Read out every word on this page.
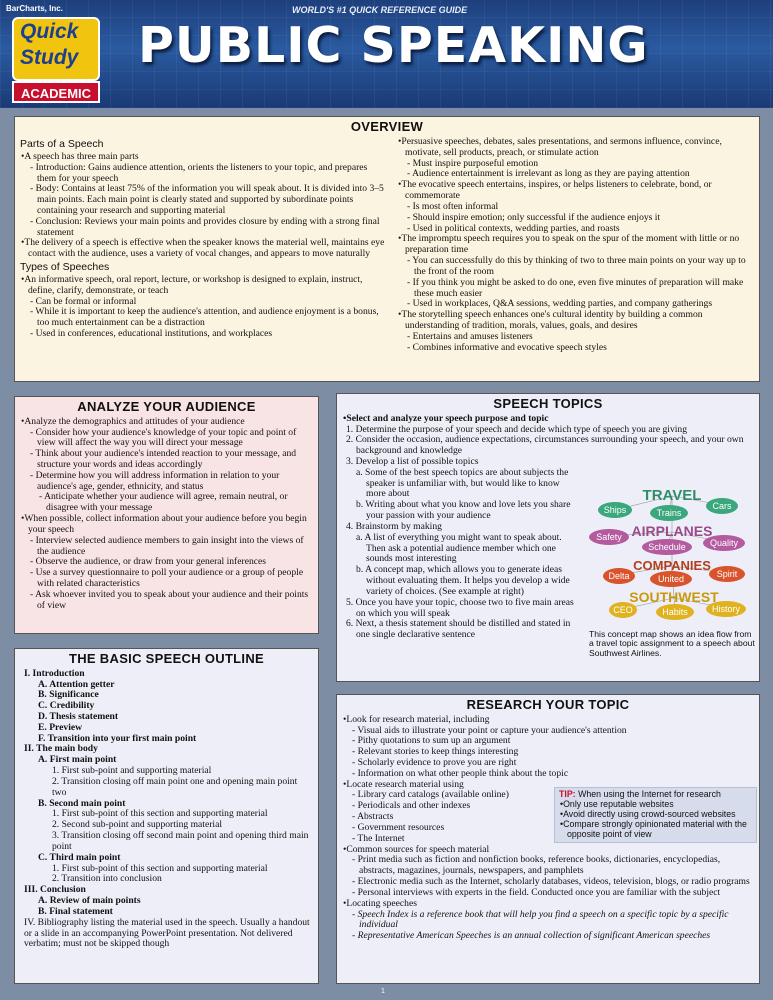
BarCharts, Inc.	WORLD'S #1 QUICK REFERENCE GUIDE
Quick
Study
ACADEMIC
PUBLIC SPEAKING
OVERVIEW
Parts of a Speech
• A speech has three main parts
- Introduction: Gains audience attention, orients the listeners to your topic, and prepares them for your speech
- Body: Contains at least 75% of the information you will speak about. It is divided into 3–5 main points. Each main point is clearly stated and supported by subordinate points containing your research and supporting material
- Conclusion: Reviews your main points and provides closure by ending with a strong final statement
• The delivery of a speech is effective when the speaker knows the material well, maintains eye contact with the audience, uses a variety of vocal changes, and appears to move naturally
Types of Speeches
• An informative speech, oral report, lecture, or workshop is designed to explain, instruct, define, clarify, demonstrate, or teach
- Can be formal or informal
- While it is important to keep the audience's attention, and audience enjoyment is a bonus, too much entertainment can be a distraction
- Used in conferences, educational institutions, and workplaces
• Persuasive speeches, debates, sales presentations, and sermons influence, convince, motivate, sell products, preach, or stimulate action
- Must inspire purposeful emotion
- Audience entertainment is irrelevant as long as they are paying attention
• The evocative speech entertains, inspires, or helps listeners to celebrate, bond, or commemorate
- Is most often informal
- Should inspire emotion; only successful if the audience enjoys it
- Used in political contexts, wedding parties, and roasts
• The impromptu speech requires you to speak on the spur of the moment with little or no preparation time
- You can successfully do this by thinking of two to three main points on your way up to the front of the room
- If you think you might be asked to do one, even five minutes of preparation will make these much easier
- Used in workplaces, Q&A sessions, wedding parties, and company gatherings
• The storytelling speech enhances one's cultural identity by building a common understanding of tradition, morals, values, goals, and desires
- Entertains and amuses listeners
- Combines informative and evocative speech styles
ANALYZE YOUR AUDIENCE
• Analyze the demographics and attitudes of your audience
- Consider how your audience's knowledge of your topic and point of view will affect the way you will direct your message
- Think about your audience's intended reaction to your message, and structure your words and ideas accordingly
- Determine how you will address information in relation to your audience's age, gender, ethnicity, and status
- Anticipate whether your audience will agree, remain neutral, or disagree with your message
• When possible, collect information about your audience before you begin your speech
- Interview selected audience members to gain insight into the views of the audience
- Observe the audience, or draw from your general inferences
- Use a survey questionnaire to poll your audience or a group of people with related characteristics
- Ask whoever invited you to speak about your audience and their points of view
THE BASIC SPEECH OUTLINE
I. Introduction
A. Attention getter
B. Significance
C. Credibility
D. Thesis statement
E. Preview
F. Transition into your first main point
II. The main body
A. First main point
1. First sub-point and supporting material
2. Transition closing off main point one and opening main point two
B. Second main point
1. First sub-point of this section and supporting material
2. Second sub-point and supporting material
3. Transition closing off second main point and opening third main point
C. Third main point
1. First sub-point of this section and supporting material
2. Transition into conclusion
III. Conclusion
A. Review of main points
B. Final statement
IV. Bibliography listing the material used in the speech. Usually a handout or a slide in an accompanying PowerPoint presentation. Not delivered verbatim; must not be skipped though
SPEECH TOPICS
• Select and analyze your speech purpose and topic
1. Determine the purpose of your speech and decide which type of speech you are giving
2. Consider the occasion, audience expectations, circumstances surrounding your speech, and your own background and knowledge
3. Develop a list of possible topics
a. Some of the best speech topics are about subjects the speaker is unfamiliar with, but would like to know more about
b. Writing about what you know and love lets you share your passion with your audience
4. Brainstorm by making
a. A list of everything you might want to speak about. Then ask a potential audience member which one sounds most interesting
b. A concept map, which allows you to generate ideas without evaluating them. It helps you develop a wide variety of choices. (See example at right)
5. Once you have your topic, choose two to five main areas on which you will speak
6. Next, a thesis statement should be distilled and stated in one single declarative sentence
TRAVEL
AIRPLANES
COMPANIES
SOUTHWEST
Ships	Trains
Cars
Safety
Schedule	Quality
Delta	United	Spirit
CEO	Habits	History
This concept map shows an idea flow from a travel topic assignment to a speech about Southwest Airlines.
RESEARCH YOUR TOPIC
• Look for research material, including
- Visual aids to illustrate your point or capture your audience's attention
- Pithy quotations to sum up an argument
- Relevant stories to keep things interesting
- Scholarly evidence to prove you are right
- Information on what other people think about the topic
• Locate research material using
- Library card catalogs (available online)
- Periodicals and other indexes
- Abstracts
- Government resources
- The Internet
• Common sources for speech material
- Print media such as fiction and nonfiction books, reference books, dictionaries, encyclopedias, abstracts, magazines, journals, newspapers, and pamphlets
- Electronic media such as the Internet, scholarly databases, videos, television, blogs, or radio programs
- Personal interviews with experts in the field. Conducted once you are familiar with the subject
• Locating speeches
- Speech Index is a reference book that will help you find a speech on a specific topic by a specific individual
- Representative American Speeches is an annual collection of significant American speeches
TIP: When using the Internet for research
• Only use reputable websites
• Avoid directly using crowd-sourced websites
• Compare strongly opinionated material with the opposite point of view
1
